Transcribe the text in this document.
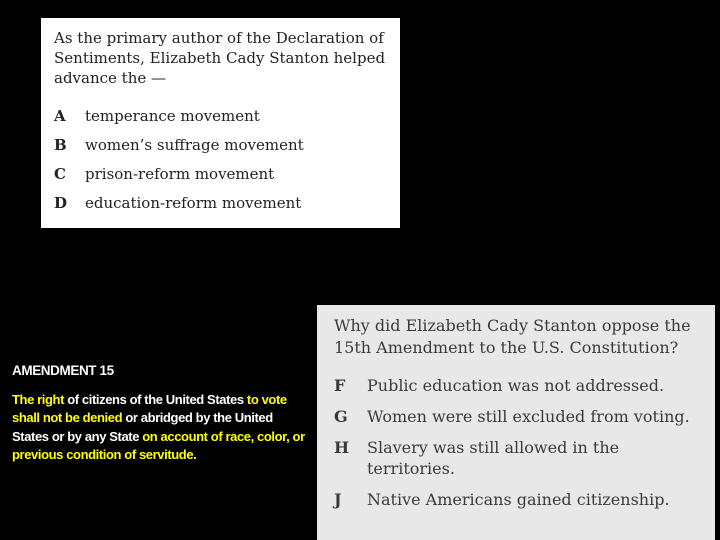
As the primary author of the Declaration of Sentiments, Elizabeth Cady Stanton helped advance the —

A	temperance movement
B	women’s suffrage movement
C	prison-reform movement
D	education-reform movement
AMENDMENT 15
The right of citizens of the United States to vote shall not be denied or abridged by the United States or by any State on account of race, color, or previous condition of servitude.

Why did Elizabeth Cady Stanton oppose the 15th Amendment to the U.S. Constitution?

F	Public education was not addressed.
G	Women were still excluded from voting.
H	Slavery was still allowed in the territories.
J	Native Americans gained citizenship.
